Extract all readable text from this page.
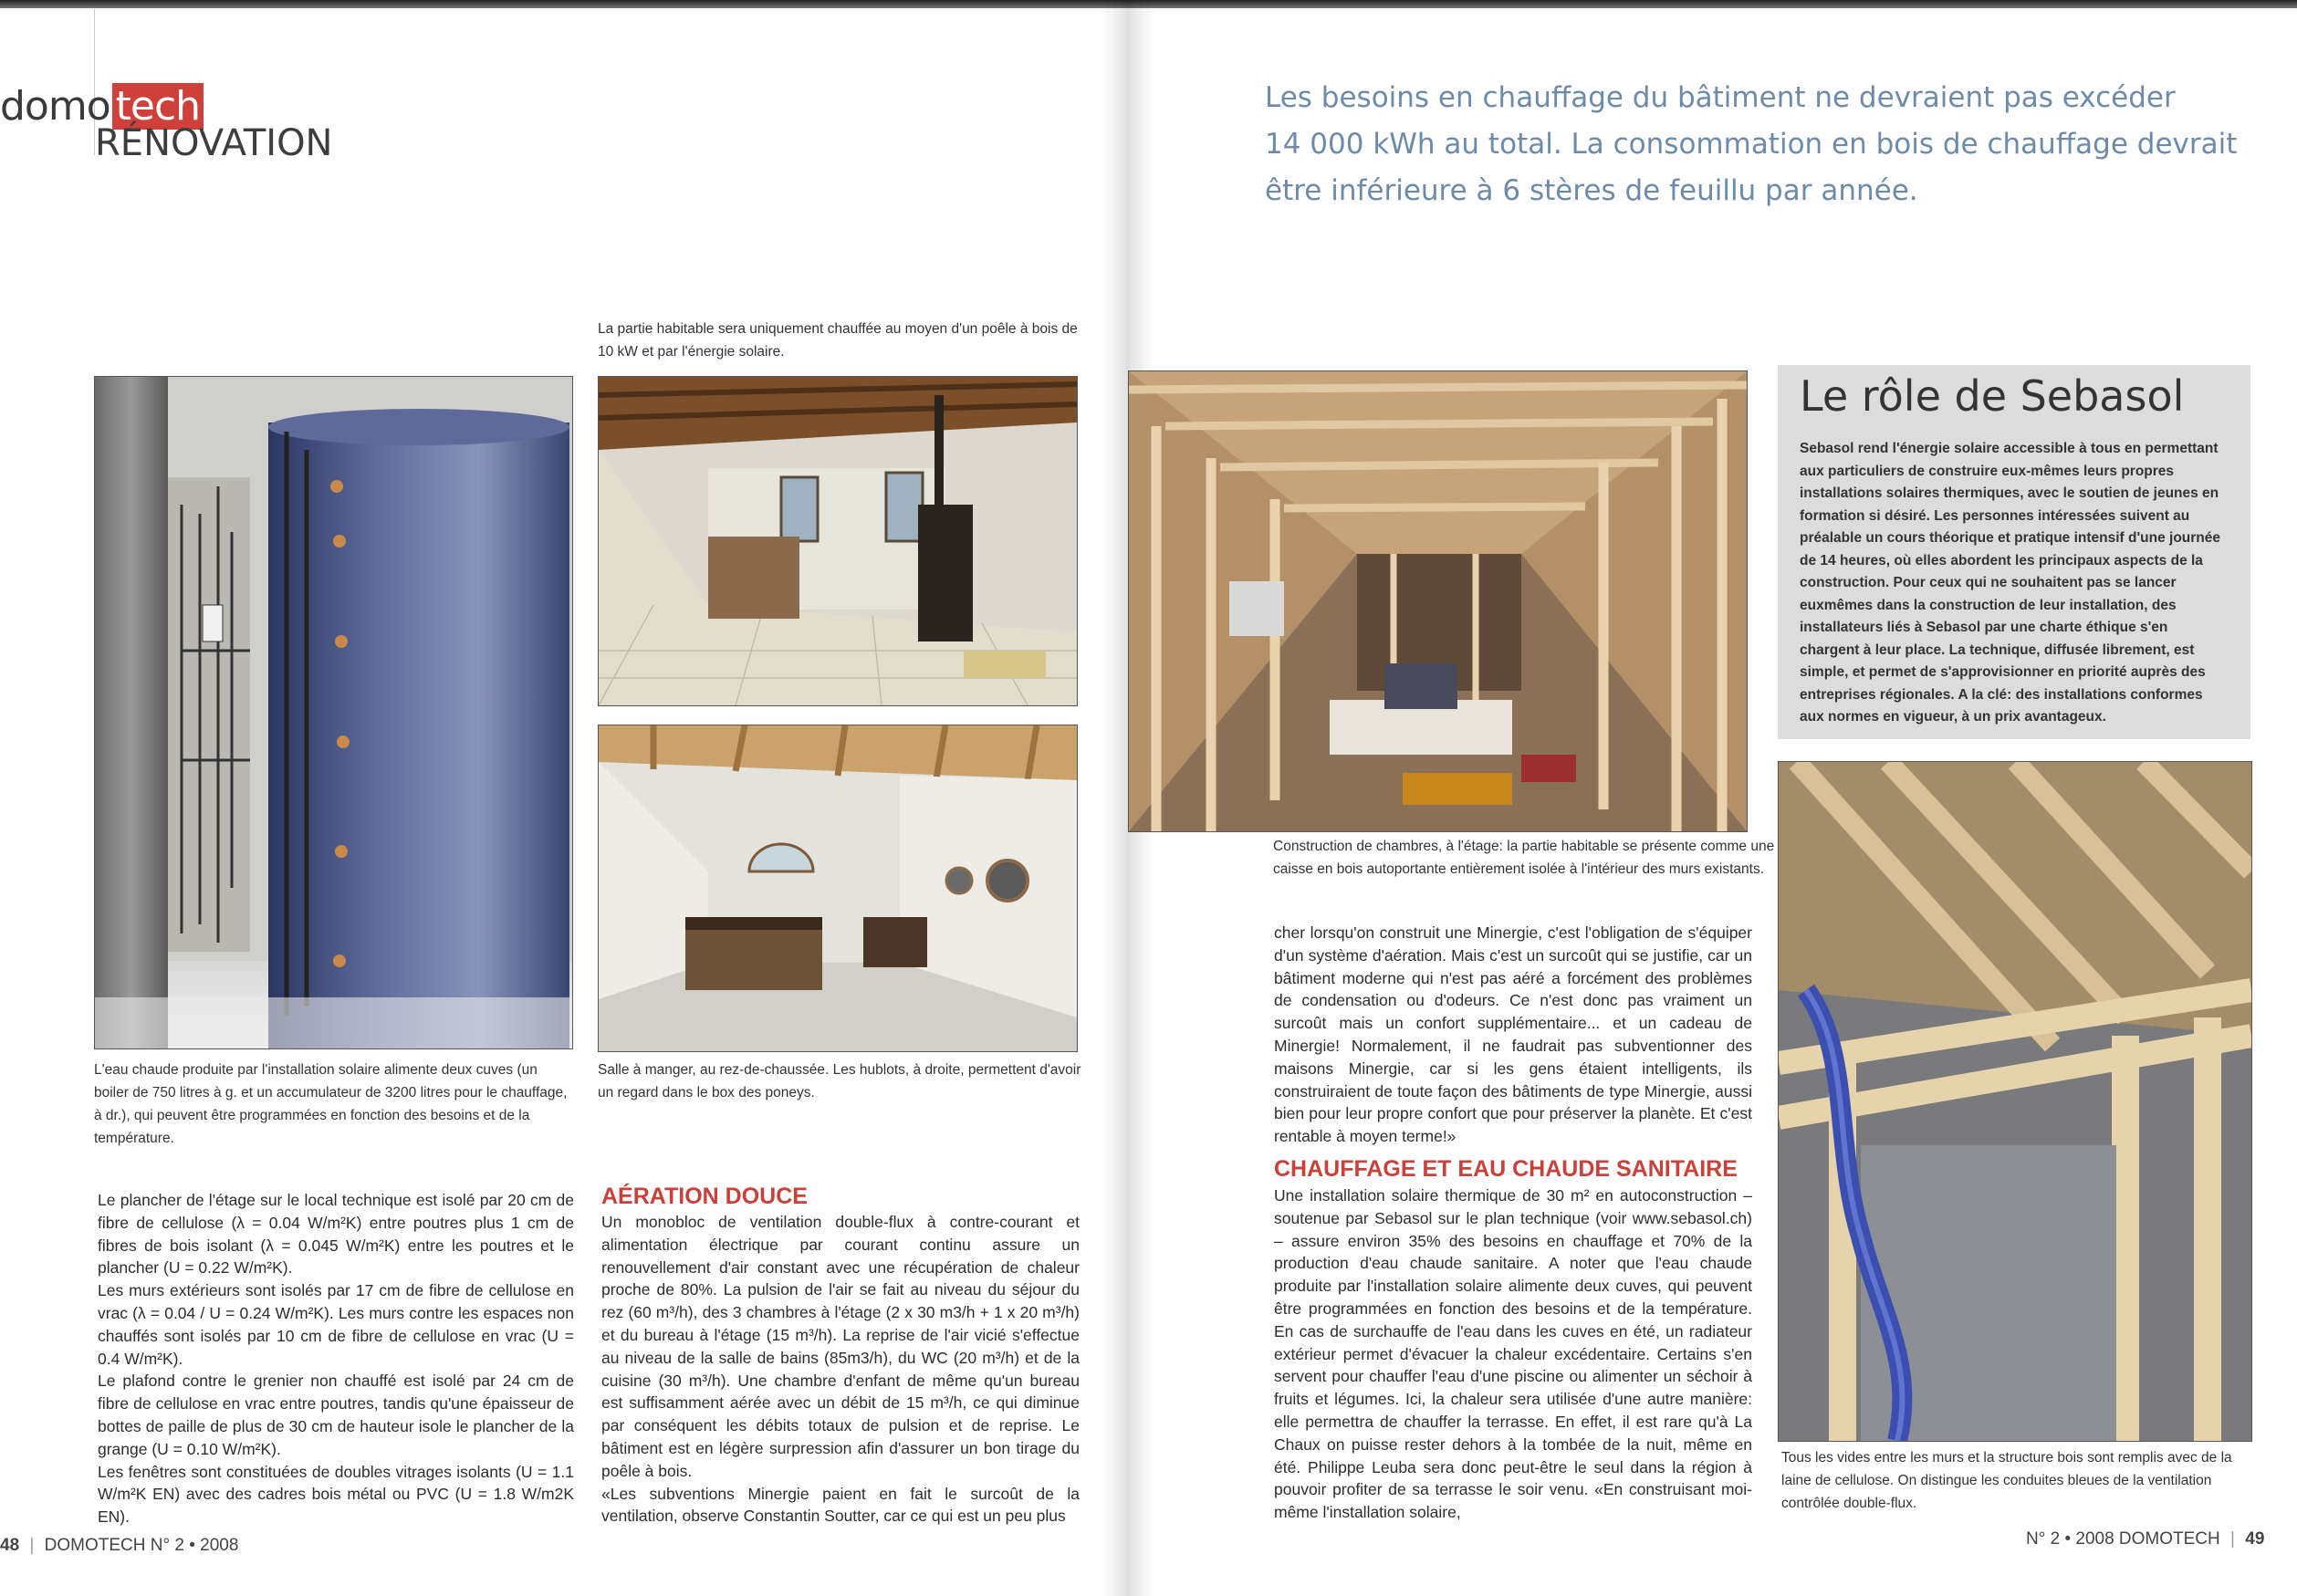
domo tech
RÉNOVATION
Les besoins en chauffage du bâtiment ne devraient pas excéder
14 000 kWh au total. La consommation en bois de chauffage devrait
être inférieure à 6 stères de feuillu par année.
La partie habitable sera uniquement chauffée au moyen d'un poêle à bois de 10 kW et par l'énergie solaire.
L'eau chaude produite par l'installation solaire alimente deux cuves (un boiler de 750 litres à g. et un accumulateur de 3200 litres pour le chauffage, à dr.), qui peuvent être programmées en fonction des besoins et de la température.
Salle à manger, au rez-de-chaussée. Les hublots, à droite, permettent d'avoir un regard dans le box des poneys.
Construction de chambres, à l'étage: la partie habitable se présente comme une caisse en bois autoportante entièrement isolée à l'intérieur des murs existants.
Le rôle de Sebasol
Sebasol rend l'énergie solaire accessible à tous en permettant aux particuliers de construire eux-mêmes leurs propres installations solaires thermiques, avec le soutien de jeunes en formation si désiré. Les personnes intéressées suivent au préalable un cours théorique et pratique intensif d'une journée de 14 heures, où elles abordent les principaux aspects de la construction. Pour ceux qui ne souhaitent pas se lancer euxmêmes dans la construction de leur installation, des installateurs liés à Sebasol par une charte éthique s'en chargent à leur place. La technique, diffusée librement, est simple, et permet de s'approvisionner en priorité auprès des entreprises régionales. A la clé: des installations conformes aux normes en vigueur, à un prix avantageux.
Tous les vides entre les murs et la structure bois sont remplis avec de la laine de cellulose. On distingue les conduites bleues de la ventilation contrôlée double-flux.

Le plancher de l'étage sur le local technique est isolé par 20 cm de fibre de cellulose (λ = 0.04 W/m²K) entre poutres plus 1 cm de fibres de bois isolant (λ = 0.045 W/m²K) entre les poutres et le plancher (U = 0.22 W/m²K).

Les murs extérieurs sont isolés par 17 cm de fibre de cellulose en vrac (λ = 0.04 / U = 0.24 W/m²K). Les murs contre les espaces non chauffés sont isolés par 10 cm de fibre de cellulose en vrac (U = 0.4 W/m²K).

Le plafond contre le grenier non chauffé est isolé par 24 cm de fibre de cellulose en vrac entre poutres, tandis qu'une épaisseur de bottes de paille de plus de 30 cm de hauteur isole le plancher de la grange (U = 0.10 W/m²K).

Les fenêtres sont constituées de doubles vitrages isolants (U = 1.1 W/m²K EN) avec des cadres bois métal ou PVC (U = 1.8 W/m2K EN).

AÉRATION DOUCE

Un monobloc de ventilation double-flux à contre-courant et alimentation électrique par courant continu assure un renouvellement d'air constant avec une récupération de chaleur proche de 80%. La pulsion de l'air se fait au niveau du séjour du rez (60 m³/h), des 3 chambres à l'étage (2 x 30 m3/h + 1 x 20 m³/h) et du bureau à l'étage (15 m³/h). La reprise de l'air vicié s'effectue au niveau de la salle de bains (85m3/h), du WC (20 m³/h) et de la cuisine (30 m³/h). Une chambre d'enfant de même qu'un bureau est suffisamment aérée avec un débit de 15 m³/h, ce qui diminue par conséquent les débits totaux de pulsion et de reprise. Le bâtiment est en légère surpression afin d'assurer un bon tirage du poêle à bois.

«Les subventions Minergie paient en fait le surcoût de la ventilation, observe Constantin Soutter, car ce qui est un peu plus

cher lorsqu'on construit une Minergie, c'est l'obligation de s'équiper d'un système d'aération. Mais c'est un surcoût qui se justifie, car un bâtiment moderne qui n'est pas aéré a forcément des problèmes de condensation ou d'odeurs. Ce n'est donc pas vraiment un surcoût mais un confort supplémentaire... et un cadeau de Minergie! Normalement, il ne faudrait pas subventionner des maisons Minergie, car si les gens étaient intelligents, ils construiraient de toute façon des bâtiments de type Minergie, aussi bien pour leur propre confort que pour préserver la planète. Et c'est rentable à moyen terme!»
CHAUFFAGE ET EAU CHAUDE SANITAIRE
Une installation solaire thermique de 30 m² en autoconstruction – soutenue par Sebasol sur le plan technique (voir www.sebasol.ch) – assure environ 35% des besoins en chauffage et 70% de la production d'eau chaude sanitaire. A noter que l'eau chaude produite par l'installation solaire alimente deux cuves, qui peuvent être programmées en fonction des besoins et de la température. En cas de surchauffe de l'eau dans les cuves en été, un radiateur extérieur permet d'évacuer la chaleur excédentaire. Certains s'en servent pour chauffer l'eau d'une piscine ou alimenter un séchoir à fruits et légumes. Ici, la chaleur sera utilisée d'une autre manière: elle permettra de chauffer la terrasse. En effet, il est rare qu'à La Chaux on puisse rester dehors à la tombée de la nuit, même en été. Philippe Leuba sera donc peut-être le seul dans la région à pouvoir profiter de sa terrasse le soir venu. «En construisant moi-même l'installation solaire,
48 | DOMOTECH N° 2 • 2008	N° 2 • 2008 DOMOTECH | 49
